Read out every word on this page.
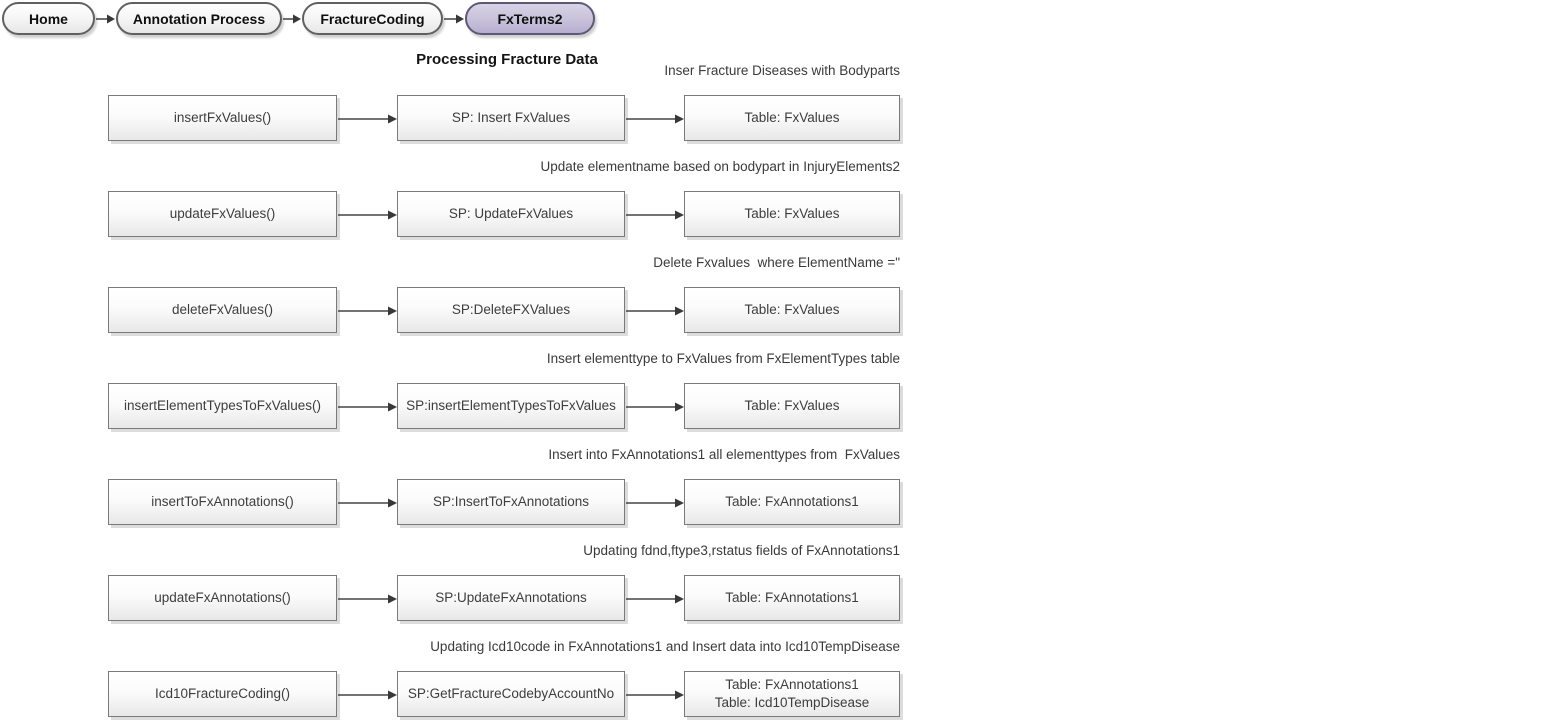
Home	Annotation Process	FractureCoding	FxTerms2
Processing Fracture Data
Inser Fracture Diseases with Bodyparts
insertFxValues()	SP: Insert FxValues	Table: FxValues
Update elementname based on bodypart in InjuryElements2
updateFxValues()	SP: UpdateFxValues	Table: FxValues
Delete Fxvalues  where ElementName ="
deleteFxValues()	SP:DeleteFXValues	Table: FxValues
Insert elementtype to FxValues from FxElementTypes table
insertElementTypesToFxValues()	SP:insertElementTypesToFxValues	Table: FxValues
Insert into FxAnnotations1 all elementtypes from  FxValues
insertToFxAnnotations()	SP:InsertToFxAnnotations	Table: FxAnnotations1
Updating fdnd,ftype3,rstatus fields of FxAnnotations1
updateFxAnnotations()	SP:UpdateFxAnnotations	Table: FxAnnotations1
Updating Icd10code in FxAnnotations1 and Insert data into Icd10TempDisease
Icd10FractureCoding()	SP:GetFractureCodebyAccountNo
Table: FxAnnotations1
Table: Icd10TempDisease
